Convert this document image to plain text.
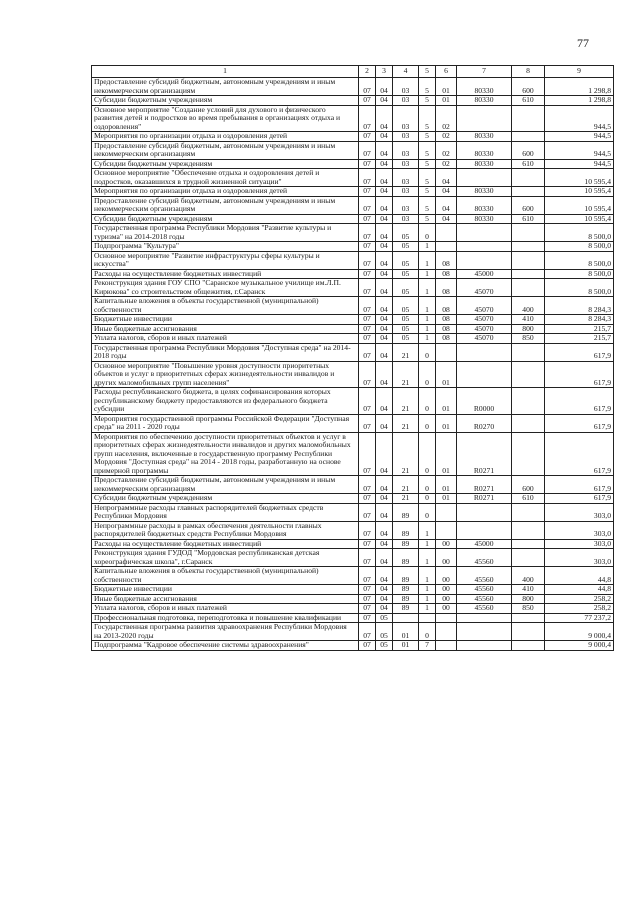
77
1	2	3	4	5	6	7	8	9
Предоставление субсидий бюджетным, автономным учреждениям и иным некоммерческим организациям	07	04	03	5	01	80330	600	1 298,8
Субсидии бюджетным учреждениям	07	04	03	5	01	80330	610	1 298,8
Основное мероприятие "Создание условий для духового и физического развития детей и подростков во время пребывания в организациях отдыха и оздоровления"	07	04	03	5	02			944,5
Мероприятия по организации отдыха и оздоровления детей	07	04	03	5	02	80330		944,5
Предоставление субсидий бюджетным, автономным учреждениям и иным некоммерческим организациям	07	04	03	5	02	80330	600	944,5
Субсидии бюджетным учреждениям	07	04	03	5	02	80330	610	944,5
Основное мероприятие "Обеспечение отдыха и оздоровления детей и подростков, оказавшихся в трудной жизненной ситуации"	07	04	03	5	04			10 595,4
Мероприятия по организации отдыха и оздоровления детей	07	04	03	5	04	80330		10 595,4
Предоставление субсидий бюджетным, автономным учреждениям и иным некоммерческим организациям	07	04	03	5	04	80330	600	10 595,4
Субсидии бюджетным учреждениям	07	04	03	5	04	80330	610	10 595,4
Государственная программа Республики Мордовия "Развитие культуры и туризма" на 2014-2018 годы	07	04	05	0				8 500,0
Подпрограмма "Культура"	07	04	05	1				8 500,0
Основное мероприятие "Развитие инфраструктуры сферы культуры и искусства"	07	04	05	1	08			8 500,0
Расходы на осуществление бюджетных инвестиций	07	04	05	1	08	45000		8 500,0
Реконструкция здания ГОУ СПО "Саранское музыкальное училище им.Л.П. Кирюкова" со строительством общежития, г.Саранск	07	04	05	1	08	45070		8 500,0
Капитальные вложения в объекты государственной (муниципальной) собственности	07	04	05	1	08	45070	400	8 284,3
Бюджетные инвестиции	07	04	05	1	08	45070	410	8 284,3
Иные бюджетные ассигнования	07	04	05	1	08	45070	800	215,7
Уплата налогов, сборов и иных платежей	07	04	05	1	08	45070	850	215,7
Государственная программа Республики Мордовия "Доступная среда" на 2014-2018 годы	07	04	21	0				617,9
Основное мероприятие "Повышение уровня доступности приоритетных объектов и услуг в приоритетных сферах жизнедеятельности инвалидов и других маломобильных групп населения"	07	04	21	0	01			617,9
Расходы республиканского бюджета, в целях софинансирования которых республиканскому бюджету предоставляются из федерального бюджета субсидии	07	04	21	0	01	R0000		617,9
Мероприятия государственной программы Российской Федерации "Доступная среда" на 2011 - 2020 годы	07	04	21	0	01	R0270		617,9
Мероприятия по обеспечению доступности приоритетных объектов и услуг в приоритетных сферах жизнедеятельности инвалидов и других маломобильных групп населения, включенные в государственную программу Республики Мордовия "Доступная среда" на 2014 - 2018 годы, разработанную на основе примерной программы	07	04	21	0	01	R0271		617,9
Предоставление субсидий бюджетным, автономным учреждениям и иным некоммерческим организациям	07	04	21	0	01	R0271	600	617,9
Субсидии бюджетным учреждениям	07	04	21	0	01	R0271	610	617,9
Непрограммные расходы главных распорядителей бюджетных средств Республики Мордовия	07	04	89	0				303,0
Непрограммные расходы в рамках обеспечения деятельности главных распорядителей бюджетных средств Республики Мордовия	07	04	89	1				303,0
Расходы на осуществление бюджетных инвестиций	07	04	89	1	00	45000		303,0
Реконструкция здания ГУДОД "Мордовская республиканская детская хореографическая школа", г.Саранск	07	04	89	1	00	45560		303,0
Капитальные вложения в объекты государственной (муниципальной) собственности	07	04	89	1	00	45560	400	44,8
Бюджетные инвестиции	07	04	89	1	00	45560	410	44,8
Иные бюджетные ассигнования	07	04	89	1	00	45560	800	258,2
Уплата налогов, сборов и иных платежей	07	04	89	1	00	45560	850	258,2
Профессиональная подготовка, переподготовка и повышение квалификации	07	05						77 237,2
Государственная программа развития здравоохранения Республики Мордовия на 2013-2020 годы	07	05	01	0				9 000,4
Подпрограмма "Кадровое обеспечение системы здравоохранения"	07	05	01	7				9 000,4
